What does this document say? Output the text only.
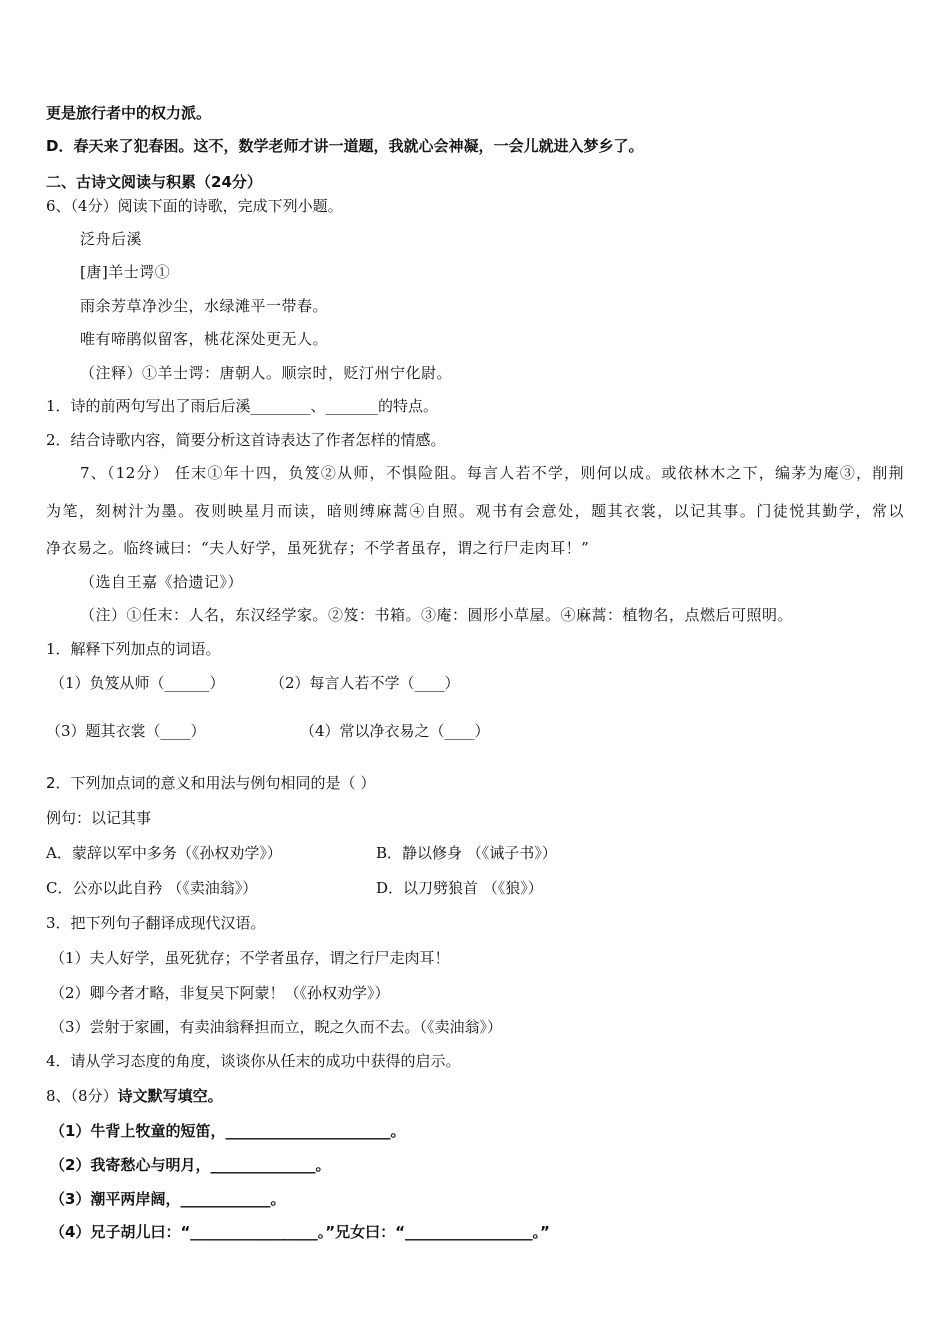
更是旅行者中的权力派。
D．春天来了犯春困。这不，数学老师才讲一道题，我就心会神凝，一会儿就进入梦乡了。
二、古诗文阅读与积累（24分）
6、（4分）阅读下面的诗歌，完成下列小题。
泛舟后溪
[唐]羊士谔①
雨余芳草净沙尘，水绿滩平一带春。
唯有啼鹃似留客，桃花深处更无人。
（注释）①羊士谔：唐朝人。顺宗时，贬汀州宁化尉。
1．诗的前两句写出了雨后后溪________、_______的特点。
2．结合诗歌内容，简要分析这首诗表达了作者怎样的情感。
7、（12分） 任末①年十四，负笈②从师，不惧险阻。每言人若不学，则何以成。或依林木之下，编茅为庵③，削荆
为笔，刻树汁为墨。夜则映星月而读，暗则缚麻蒿④自照。观书有会意处，题其衣裳，以记其事。门徒悦其勤学，常以
净衣易之。临终诫曰：“夫人好学，虽死犹存；不学者虽存，谓之行尸走肉耳！”
（选自王嘉《拾遗记》）
（注）①任末：人名，东汉经学家。②笈：书箱。③庵：圆形小草屋。④麻蒿：植物名，点燃后可照明。
1．解释下列加点的词语。
（1）负笈从师（______）	（2）每言人若不学（____）
（3）题其衣裳（____）	（4）常以净衣易之（____）
2．下列加点词的意义和用法与例句相同的是（ ）
例句：以记其事
A．蒙辞以军中多务（《孙权劝学》）	B．静以修身 （《诫子书》）
C．公亦以此自矜 （《卖油翁》）	D．以刀劈狼首 （《狼》）
3．把下列句子翻译成现代汉语。
（1）夫人好学，虽死犹存；不学者虽存，谓之行尸走肉耳！
（2）卿今者才略，非复吴下阿蒙！（《孙权劝学》）
（3）尝射于家圃，有卖油翁释担而立，睨之久而不去。（《卖油翁》）
4．请从学习态度的角度，谈谈你从任末的成功中获得的启示。
8、（8分）诗文默写填空。
（1）牛背上牧童的短笛，______________________。
（2）我寄愁心与明月，______________。
（3）潮平两岸阔，____________。
（4）兄子胡儿曰：“_________________。”兄女曰：“_________________。”
